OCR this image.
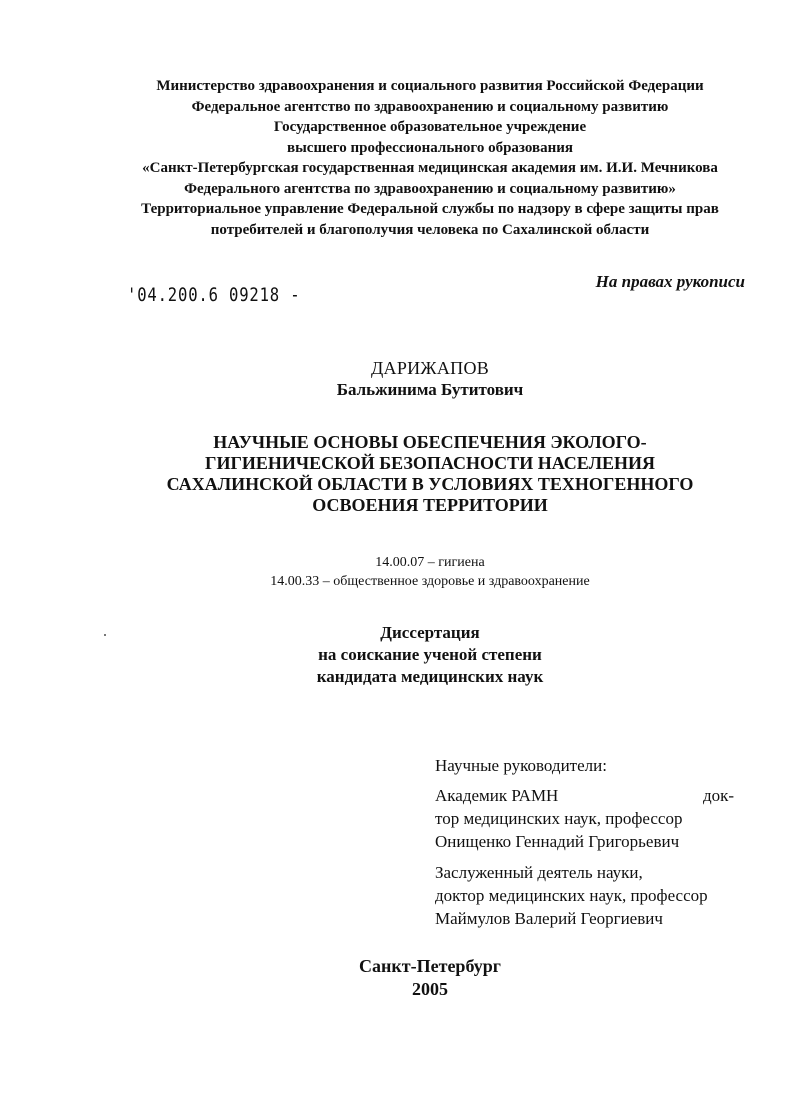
Министерство здравоохранения и социального развития Российской Федерации
Федеральное агентство по здравоохранению и социальному развитию
Государственное образовательное учреждение
высшего профессионального образования
«Санкт-Петербургская государственная медицинская академия им. И.И. Мечникова
Федерального агентства по здравоохранению и социальному развитию»
Территориальное управление Федеральной службы по надзору в сфере защиты прав
потребителей и благополучия человека по Сахалинской области
'04.200.6 09218 -
На правах рукописи
ДАРИЖАПОВ
Бальжинима Бутитович
НАУЧНЫЕ ОСНОВЫ ОБЕСПЕЧЕНИЯ ЭКОЛОГО-
ГИГИЕНИЧЕСКОЙ БЕЗОПАСНОСТИ НАСЕЛЕНИЯ
САХАЛИНСКОЙ ОБЛАСТИ В УСЛОВИЯХ ТЕХНОГЕННОГО
ОСВОЕНИЯ ТЕРРИТОРИИ
14.00.07 – гигиена
14.00.33 – общественное здоровье и здравоохранение
Диссертация
на соискание ученой степени
кандидата медицинских наук
Научные руководители:
Академик РАМН	док-
тор медицинских наук, профессор
Онищенко Геннадий Григорьевич
Заслуженный деятель науки,
доктор медицинских наук, профессор
Маймулов Валерий Георгиевич
Санкт-Петербург
2005
